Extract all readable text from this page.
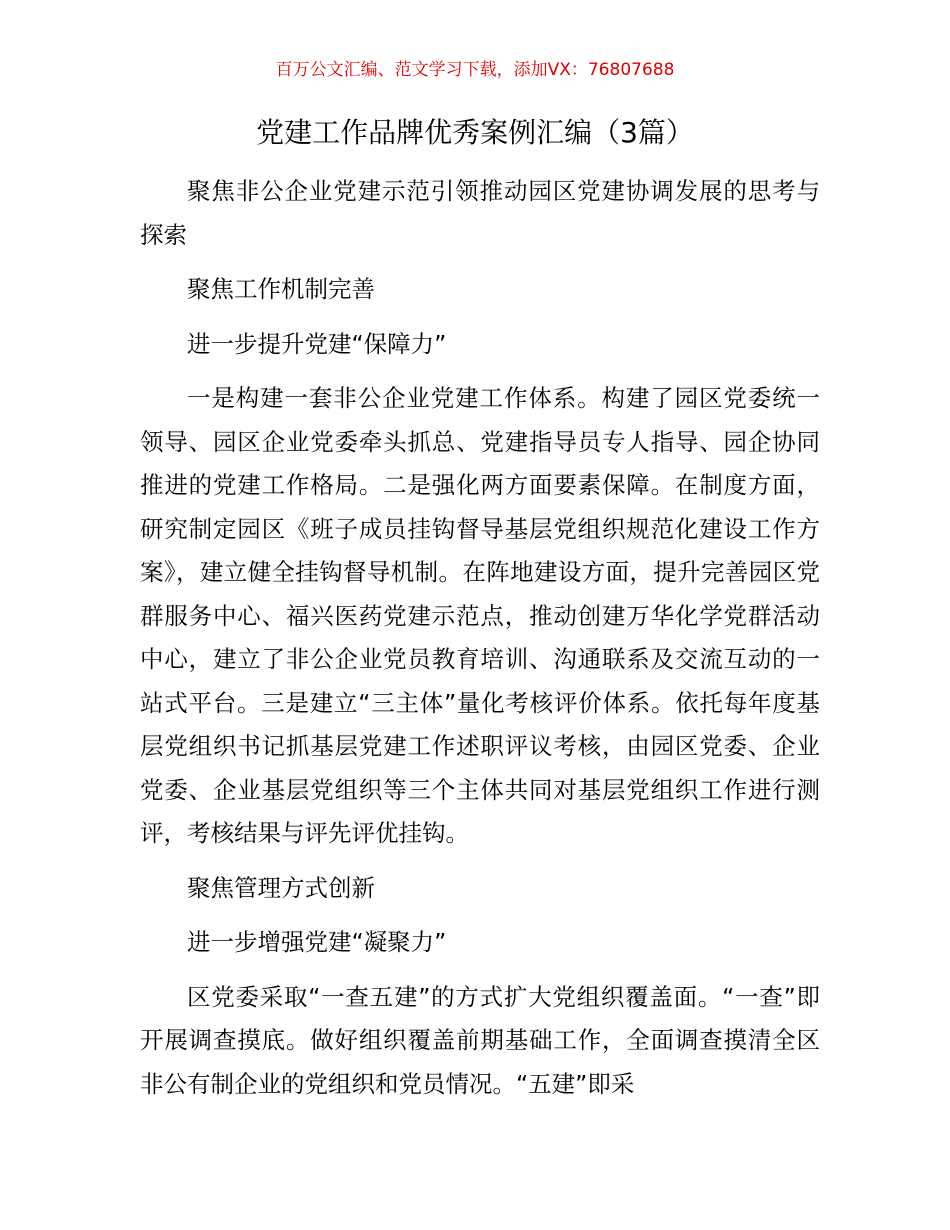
百万公文汇编、范文学习下载，添加VX：76807688
党建工作品牌优秀案例汇编（3篇）

聚焦非公企业党建示范引领推动园区党建协调发展的思考与探索

聚焦工作机制完善

进一步提升党建“保障力”

一是构建一套非公企业党建工作体系。构建了园区党委统一领导、园区企业党委牵头抓总、党建指导员专人指导、园企协同推进的党建工作格局。二是强化两方面要素保障。在制度方面，研究制定园区《班子成员挂钩督导基层党组织规范化建设工作方案》，建立健全挂钩督导机制。在阵地建设方面，提升完善园区党群服务中心、福兴医药党建示范点，推动创建万华化学党群活动中心，建立了非公企业党员教育培训、沟通联系及交流互动的一站式平台。三是建立“三主体”量化考核评价体系。依托每年度基层党组织书记抓基层党建工作述职评议考核，由园区党委、企业党委、企业基层党组织等三个主体共同对基层党组织工作进行测评，考核结果与评先评优挂钩。

聚焦管理方式创新

进一步增强党建“凝聚力”

区党委采取“一查五建”的方式扩大党组织覆盖面。“一查”即开展调查摸底。做好组织覆盖前期基础工作，全面调查摸清全区非公有制企业的党组织和党员情况。“五建”即采
